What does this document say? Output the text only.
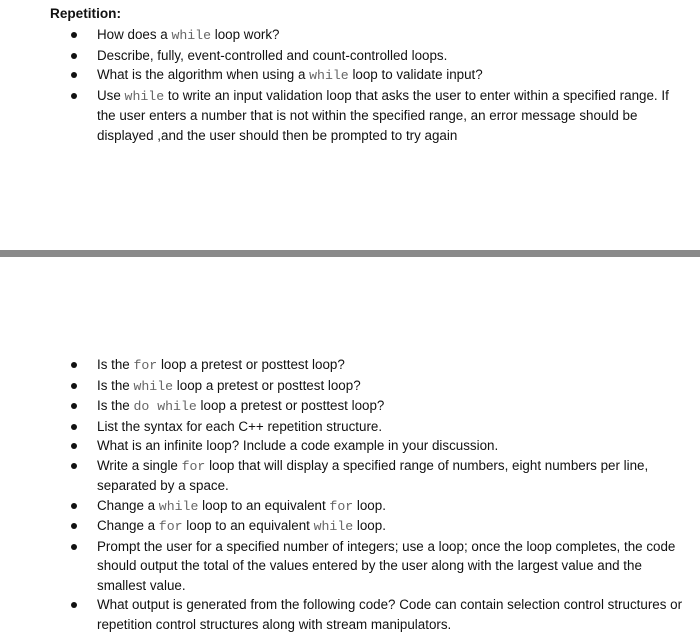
Repetition:
How does a while loop work?
Describe, fully, event-controlled and count-controlled loops.
What is the algorithm when using a while loop to validate input?
Use while to write an input validation loop that asks the user to enter within a specified range. If the user enters a number that is not within the specified range, an error message should be displayed ,and the user should then be prompted to try again
Is the for loop a pretest or posttest loop?
Is the while loop a pretest or posttest loop?
Is the do while loop a pretest or posttest loop?
List the syntax for each C++ repetition structure.
What is an infinite loop? Include a code example in your discussion.
Write a single for loop that will display a specified range of numbers, eight numbers per line, separated by a space.
Change a while loop to an equivalent for loop.
Change a for loop to an equivalent while loop.
Prompt the user for a specified number of integers; use a loop; once the loop completes, the code should output the total of the values entered by the user along with the largest value and the smallest value.
What output is generated from the following code? Code can contain selection control structures or repetition control structures along with stream manipulators.
